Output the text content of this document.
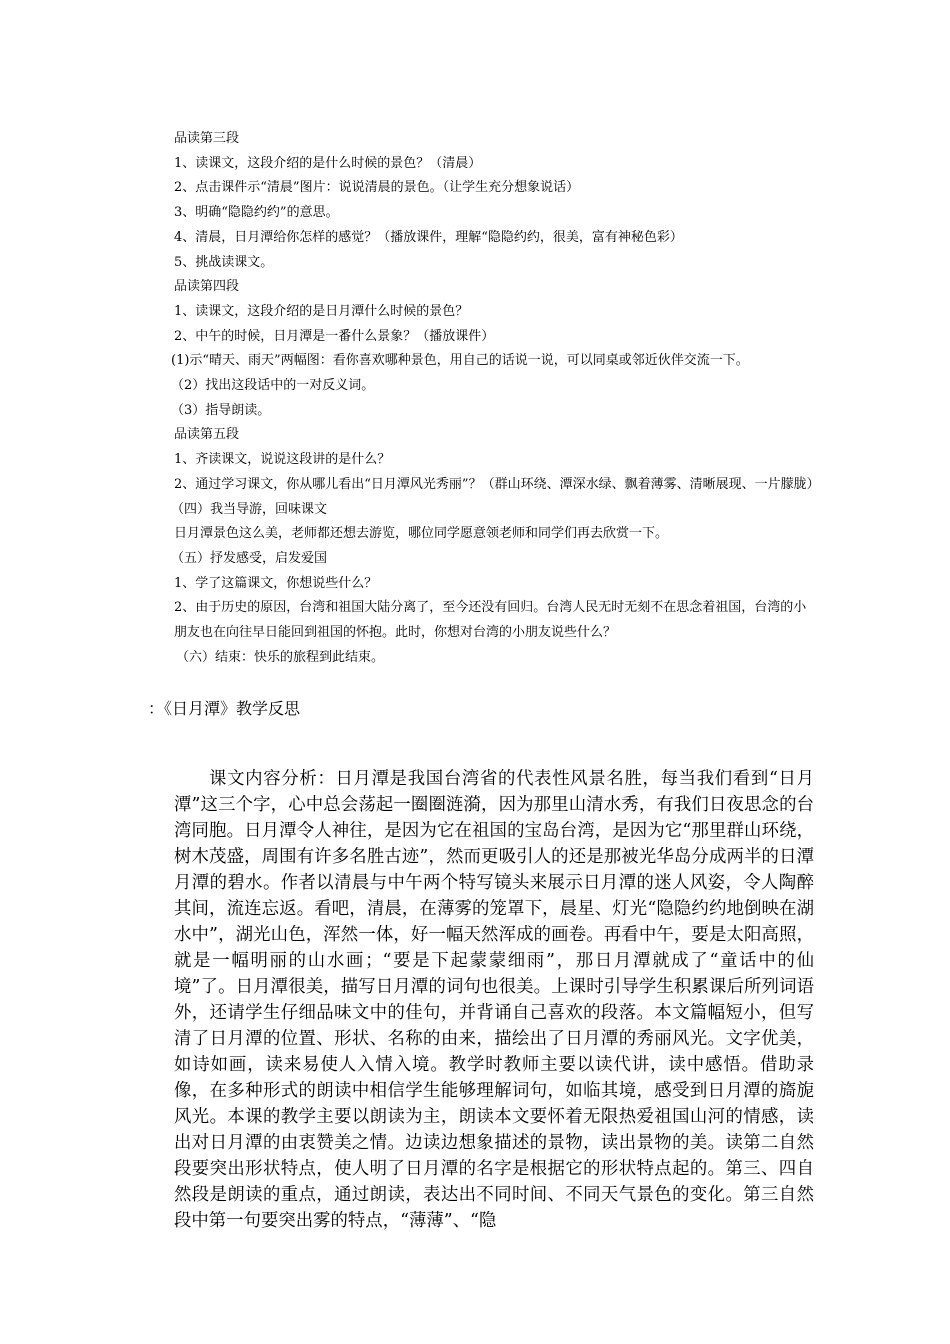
品读第三段

1、读课文，这段介绍的是什么时候的景色？（清晨）

2、点击课件示“清晨”图片：说说清晨的景色。（让学生充分想象说话）

3、明确“隐隐约约”的意思。

4、清晨，日月潭给你怎样的感觉？（播放课件，理解“隐隐约约，很美，富有神秘色彩）

5、挑战读课文。

品读第四段

1、读课文，这段介绍的是日月潭什么时候的景色？

2、中午的时候，日月潭是一番什么景象？（播放课件）

(1)示“晴天、雨天”两幅图：看你喜欢哪种景色，用自己的话说一说，可以同桌或邻近伙伴交流一下。

（2）找出这段话中的一对反义词。

（3）指导朗读。

品读第五段

1、齐读课文，说说这段讲的是什么？

2、通过学习课文，你从哪儿看出“日月潭风光秀丽”？（群山环绕、潭深水绿、飘着薄雾、清晰展现、一片朦胧）

（四）我当导游，回味课文

日月潭景色这么美，老师都还想去游览，哪位同学愿意领老师和同学们再去欣赏一下。

（五）抒发感受，启发爱国

1、学了这篇课文，你想说些什么？

2、由于历史的原因，台湾和祖国大陆分离了，至今还没有回归。台湾人民无时无刻不在思念着祖国，台湾的小朋友也在向往早日能回到祖国的怀抱。此时，你想对台湾的小朋友说些什么？

（六）结束：快乐的旅程到此结束。

：《日月潭》教学反思

课文内容分析：日月潭是我国台湾省的代表性风景名胜，每当我们看到“日月潭”这三个字，心中总会荡起一圈圈涟漪，因为那里山清水秀，有我们日夜思念的台湾同胞。日月潭令人神往，是因为它在祖国的宝岛台湾，是因为它“那里群山环绕，树木茂盛，周围有许多名胜古迹”，然而更吸引人的还是那被光华岛分成两半的日潭月潭的碧水。作者以清晨与中午两个特写镜头来展示日月潭的迷人风姿，令人陶醉其间，流连忘返。看吧，清晨，在薄雾的笼罩下，晨星、灯光“隐隐约约地倒映在湖水中”，湖光山色，浑然一体，好一幅天然浑成的画卷。再看中午，要是太阳高照，就是一幅明丽的山水画；“要是下起蒙蒙细雨”，那日月潭就成了“童话中的仙境”了。日月潭很美，描写日月潭的词句也很美。上课时引导学生积累课后所列词语外，还请学生仔细品味文中的佳句，并背诵自己喜欢的段落。本文篇幅短小，但写清了日月潭的位置、形状、名称的由来，描绘出了日月潭的秀丽风光。文字优美，如诗如画，读来易使人入情入境。教学时教师主要以读代讲，读中感悟。借助录像，在多种形式的朗读中相信学生能够理解词句，如临其境，感受到日月潭的旖旎风光。本课的教学主要以朗读为主，朗读本文要怀着无限热爱祖国山河的情感，读出对日月潭的由衷赞美之情。边读边想象描述的景物，读出景物的美。读第二自然段要突出形状特点，使人明了日月潭的名字是根据它的形状特点起的。第三、四自然段是朗读的重点，通过朗读，表达出不同时间、不同天气景色的变化。第三自然段中第一句要突出雾的特点，“薄薄”、“隐
